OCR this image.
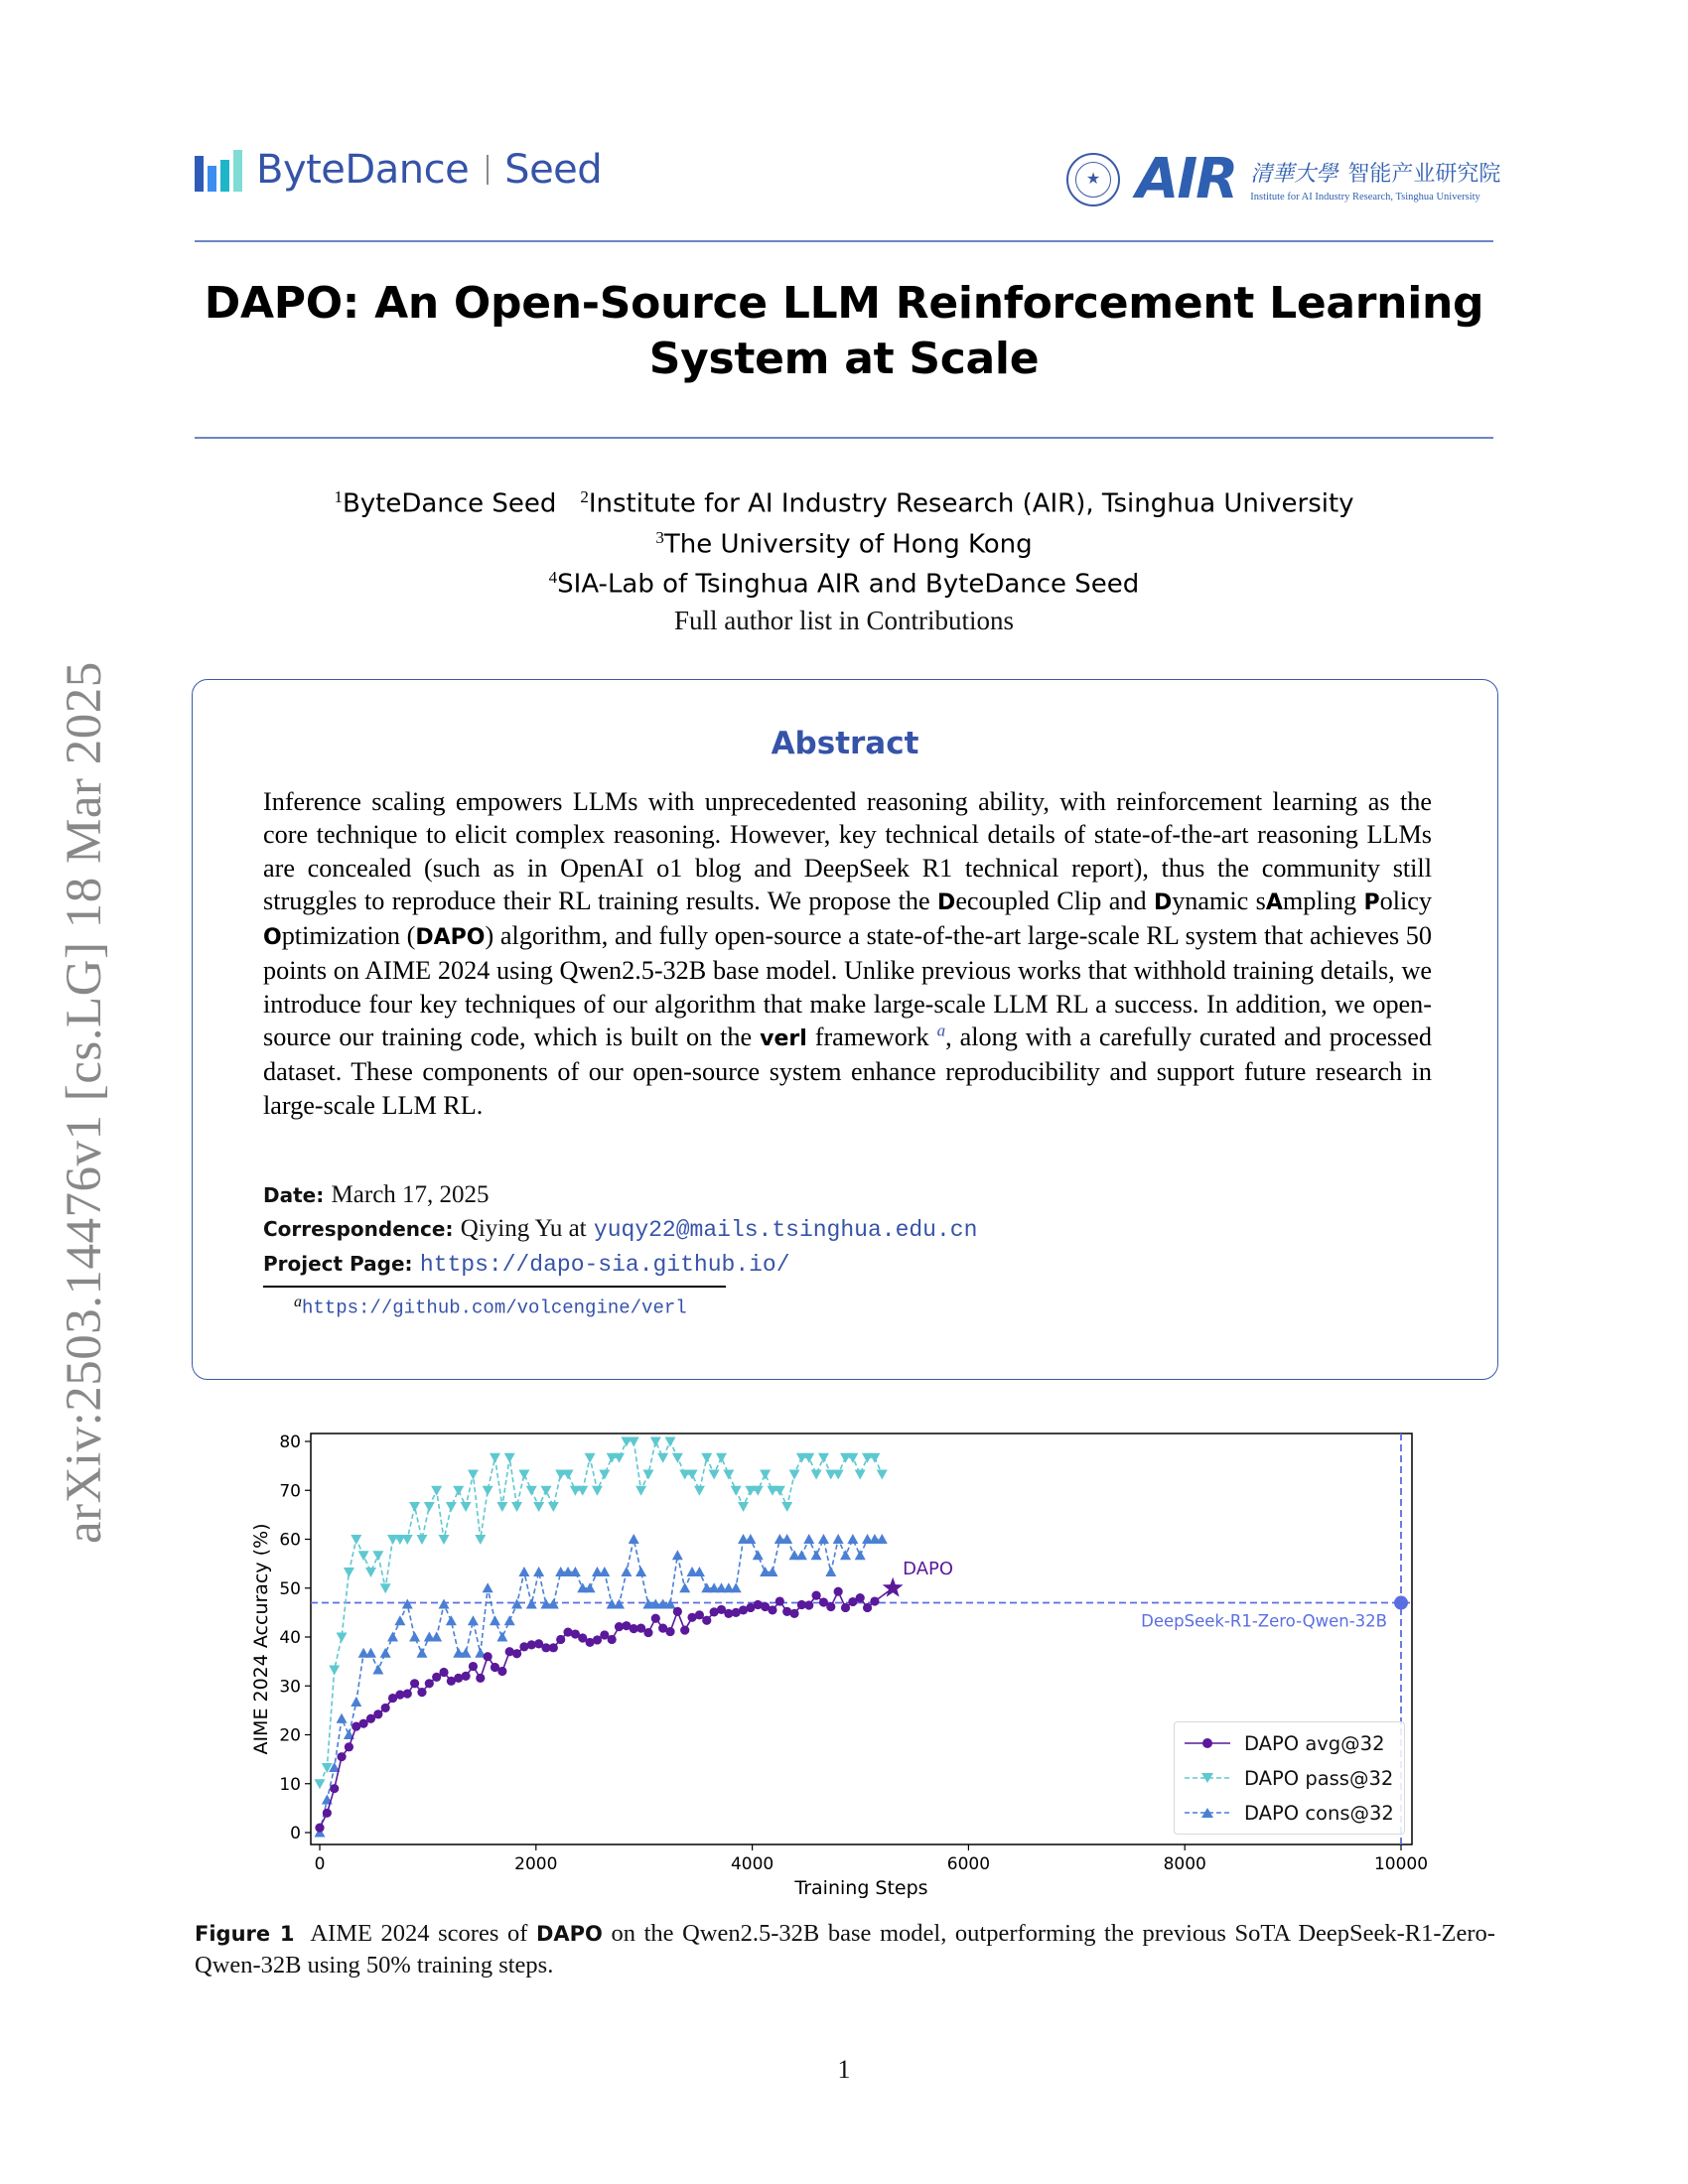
arXiv:2503.14476v1 [cs.LG] 18 Mar 2025
ByteDance Seed ★	AIR 清華大學 智能产业研究院
Institute for AI Industry Research, Tsinghua University
DAPO: An Open-Source LLM Reinforcement Learning
System at Scale
$^1$ByteDance Seed $^2$Institute for AI Industry Research (AIR), Tsinghua University
$^3$The University of Hong Kong
$^4$SIA-Lab of Tsinghua AIR and ByteDance Seed
Full author list in Contributions
Abstract
Inference scaling empowers LLMs with unprecedented reasoning ability, with reinforcement learning as the core technique to elicit complex reasoning. However, key technical details of state-of-the-art reasoning LLMs are concealed (such as in OpenAI o1 blog and DeepSeek R1 technical report), thus the community still struggles to reproduce their RL training results. We propose the Decoupled Clip and Dynamic sAmpling Policy Optimization (DAPO) algorithm, and fully open-source a state-of-the-art large-scale RL system that achieves 50 points on AIME 2024 using Qwen2.5-32B base model. Unlike previous works that withhold training details, we introduce four key techniques of our algorithm that make large-scale LLM RL a success. In addition, we open-source our training code, which is built on the verl framework $^a$, along with a carefully curated and processed dataset. These components of our open-source system enhance reproducibility and support future research in large-scale LLM RL.
Date: March 17, 2025
Correspondence: Qiying Yu at yuqy22@mails.tsinghua.edu.cn
Project Page: https://dapo-sia.github.io/
ahttps://github.com/volcengine/verl
0
10
20
30
40
50
60
70
80
0	2000	4000	6000	8000	10000
Training Steps
AIME 2024 Accuracy (%)	DAPO
DeepSeek-R1-Zero-Qwen-32B
DAPO avg@32
DAPO pass@32
DAPO cons@32
Figure 1 AIME 2024 scores of DAPO on the Qwen2.5-32B base model, outperforming the previous SoTA DeepSeek-R1-Zero-Qwen-32B using 50% training steps.
1
